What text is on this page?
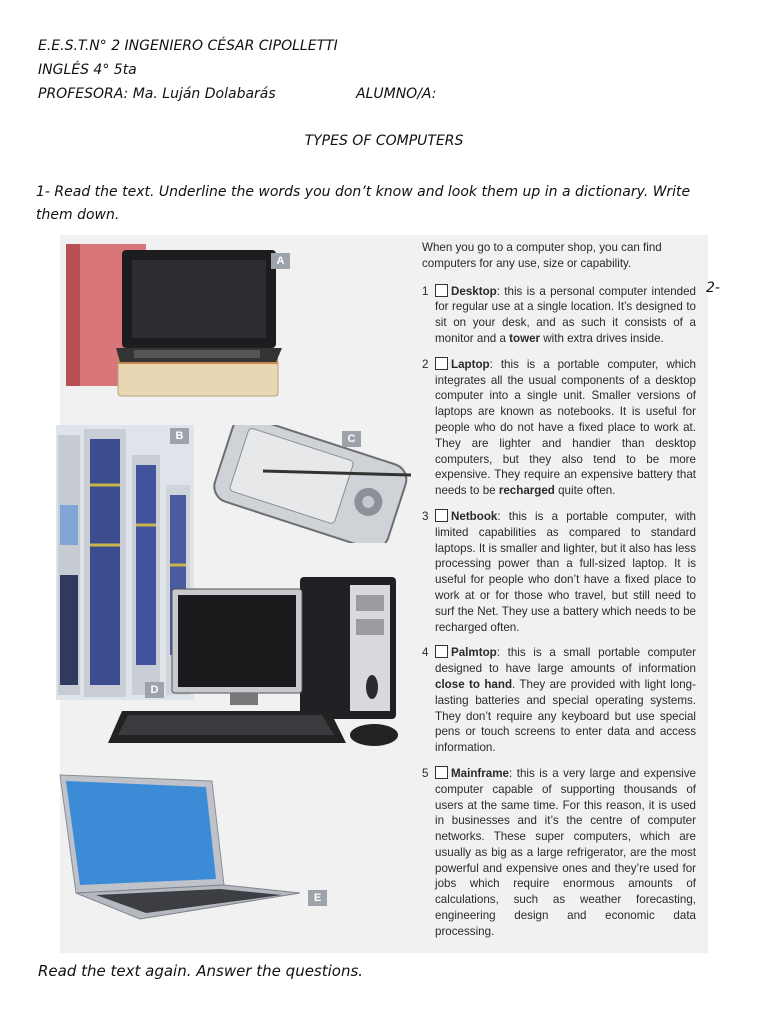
E.E.S.T.N° 2 INGENIERO CÉSAR CIPOLLETTI
INGLÉS 4° 5ta
PROFESORA: Ma. Luján Dolabarás	ALUMNO/A:
TYPES OF COMPUTERS
1- Read the text. Underline the words you don’t know and look them up in a dictionary. Write them down.
A
B	C
D
E

When you go to a computer shop, you can find computers for any use, size or capability.

1 Desktop: this is a personal computer intended for regular use at a single location. It’s designed to sit on your desk, and as such it consists of a monitor and a tower with extra drives inside.
2 Laptop: this is a portable computer, which integrates all the usual components of a desktop computer into a single unit. Smaller versions of laptops are known as notebooks. It is useful for people who do not have a fixed place to work at. They are lighter and handier than desktop computers, but they also tend to be more expensive. They require an expensive battery that needs to be recharged quite often.
3 Netbook: this is a portable computer, with limited capabilities as compared to standard laptops. It is smaller and lighter, but it also has less processing power than a full-sized laptop. It is useful for people who don’t have a fixed place to work at or for those who travel, but still need to surf the Net. They use a battery which needs to be recharged often.
4 Palmtop: this is a small portable computer designed to have large amounts of information close to hand. They are provided with light long-lasting batteries and special operating systems. They don’t require any keyboard but use special pens or touch screens to enter data and access information.
5 Mainframe: this is a very large and expensive computer capable of supporting thousands of users at the same time. For this reason, it is used in businesses and it’s the centre of computer networks. These super computers, which are usually as big as a large refrigerator, are the most powerful and expensive ones and they’re used for jobs which require enormous amounts of calculations, such as weather forecasting, engineering design and economic data processing.
2-
Read the text again. Answer the questions.
